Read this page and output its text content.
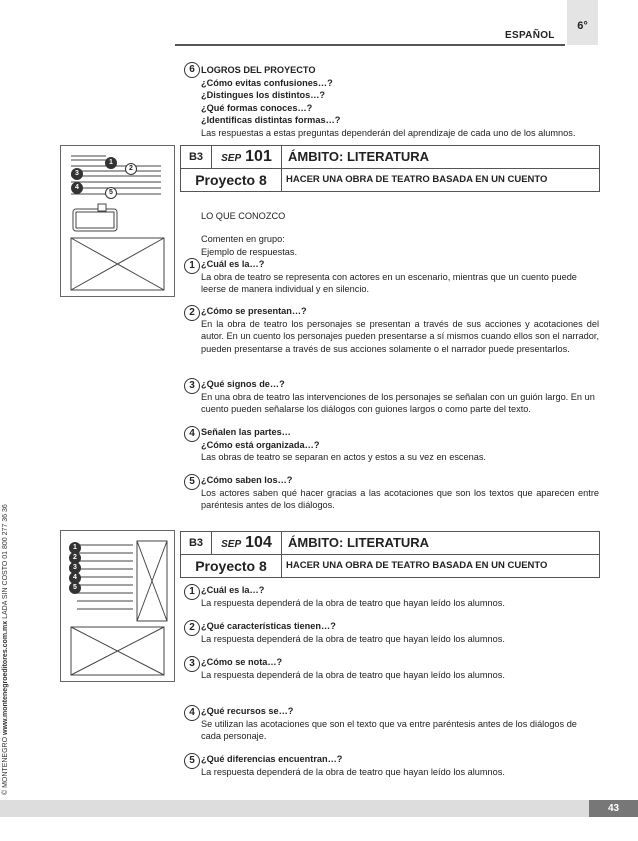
ESPAÑOL
6°
© MONTENEGRO www.montenegroeditores.com.mx LADA SIN COSTO 01 800 277 36 36
6 LOGROS DEL PROYECTO
¿Cómo evitas confusiones…?
¿Distingues los distintos…?
¿Qué formas conoces…?
¿Identificas distintas formas…?
Las respuestas a estas preguntas dependerán del aprendizaje de cada uno de los alumnos.
1
2
3
4
5
B3	SEP 101	ÁMBITO: LITERATURA
Proyecto 8	HACER UNA OBRA DE TEATRO BASADA EN UN CUENTO
LO QUE CONOZCO
Comenten en grupo:
Ejemplo de respuestas.
1 ¿Cuál es la…?
La obra de teatro se representa con actores en un escenario, mientras que un cuento puede leerse de manera individual y en silencio.
2 ¿Cómo se presentan…?
En la obra de teatro los personajes se presentan a través de sus acciones y acotaciones del autor. En un cuento los personajes pueden presentarse a sí mismos cuando ellos son el narrador, pueden presentarse a través de sus acciones solamente o el narrador puede presentarlos.
3 ¿Qué signos de…?
En una obra de teatro las intervenciones de los personajes se señalan con un guión largo. En un cuento pueden señalarse los diálogos con guiones largos o como parte del texto.
4 Señalen las partes…
¿Cómo está organizada…?
Las obras de teatro se separan en actos y estos a su vez en escenas.
5 ¿Cómo saben los…?
Los actores saben qué hacer gracias a las acotaciones que son los textos que aparecen entre paréntesis antes de los diálogos.
1
2
3
4
5
B3	SEP 104	ÁMBITO: LITERATURA
Proyecto 8	HACER UNA OBRA DE TEATRO BASADA EN UN CUENTO
1 ¿Cuál es la…?
La respuesta dependerá de la obra de teatro que hayan leído los alumnos.
2 ¿Qué características tienen…?
La respuesta dependerá de la obra de teatro que hayan leído los alumnos.
3 ¿Cómo se nota…?
La respuesta dependerá de la obra de teatro que hayan leído los alumnos.
4 ¿Qué recursos se…?
Se utilizan las acotaciones que son el texto que va entre paréntesis antes de los diálogos de cada personaje.
5 ¿Qué diferencias encuentran…?
La respuesta dependerá de la obra de teatro que hayan leído los alumnos.
43
